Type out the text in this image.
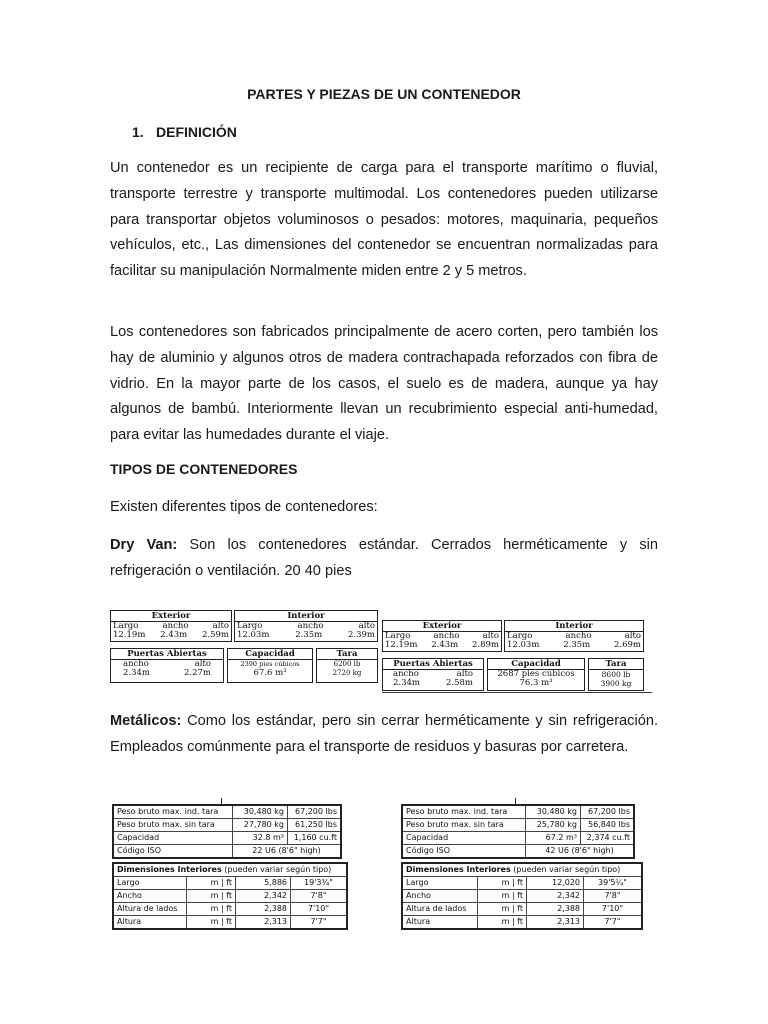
PARTES Y PIEZAS DE UN CONTENEDOR
1. DEFINICIÓN
Un contenedor es un recipiente de carga para el transporte marítimo o fluvial, transporte terrestre y transporte multimodal. Los contenedores pueden utilizarse para transportar objetos voluminosos o pesados: motores, maquinaria, pequeños vehículos, etc., Las dimensiones del contenedor se encuentran normalizadas para facilitar su manipulación Normalmente miden entre 2 y 5 metros.
Los contenedores son fabricados principalmente de acero corten, pero también los hay de aluminio y algunos otros de madera contrachapada reforzados con fibra de vidrio. En la mayor parte de los casos, el suelo es de madera, aunque ya hay algunos de bambú. Interiormente llevan un recubrimiento especial anti-humedad, para evitar las humedades durante el viaje.
TIPOS DE CONTENEDORES
Existen diferentes tipos de contenedores:
Dry Van: Son los contenedores estándar. Cerrados herméticamente y sin refrigeración o ventilación. 20 40 pies
Exterior
Largo	ancho	alto
12.19m 2.43m 2.59m
Interior
Largo	ancho	alto
12.03m	2.35m	2.39m
Puertas Abiertas
ancho	alto
2.34m	2.27m
Capacidad
2390 pies cúbicos
67.6 m³
Tara
6200 lb
2720 kg
Exterior
Largo	ancho	alto
12.19m 2.43m 2.89m
Interior
Largo	ancho	alto
12.03m	2.35m	2.69m
Puertas Abiertas
ancho	alto
2.34m	2.58m
Capacidad
2687 pies cúbicos
76.3 m³
Tara
8600 lb
3900 kg
Metálicos: Como los estándar, pero sin cerrar herméticamente y sin refrigeración. Empleados comúnmente para el transporte de residuos y basuras por carretera.
Peso bruto max. ind. tara	30,480 kg	67,200 lbs
Peso bruto max. sin tara	27,780 kg	61,250 lbs
Capacidad	32.8 m³	1,160 cu.ft
Código ISO	22 U6 (8'6" high)	
Dimensiones Interiores (pueden variar según tipo)			
Largo	m | ft	5,886	19'3¾"
Ancho	m | ft	2,342	7'8"
Altura de lados	m | ft	2,388	7'10"
Altura	m | ft	2,313	7'7"
Peso bruto max. ind. tara	30,480 kg	67,200 lbs
Peso bruto max. sin tara	25,780 kg	56,840 lbs
Capacidad	67.2 m³	2,374 cu.ft
Código ISO	42 U6 (8'6" high)	
Dimensiones Interiores (pueden variar según tipo)			
Largo	m | ft	12,020	39'5¼"
Ancho	m | ft	2,342	7'8"
Altura de lados	m | ft	2,388	7'10"
Altura	m | ft	2,313	7'7"
